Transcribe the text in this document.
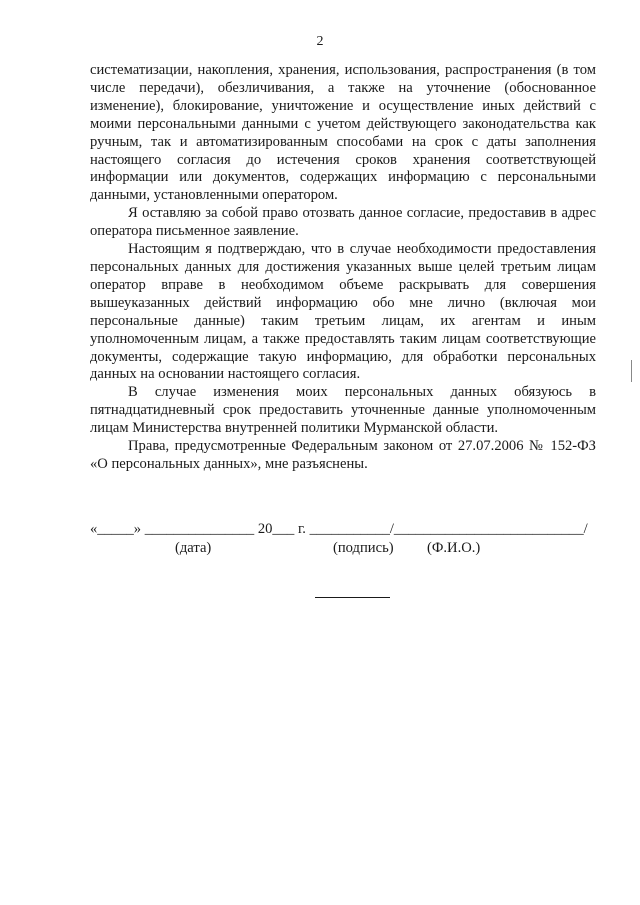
2

систематизации, накопления, хранения, использования, распространения (в том числе передачи), обезличивания, а также на уточнение (обоснованное изменение), блокирование, уничтожение и осуществление иных действий с моими персональными данными с учетом действующего законодательства как ручным, так и автоматизированным способами на срок с даты заполнения настоящего согласия до истечения сроков хранения соответствующей информации или документов, содержащих информацию с персональными данными, установленными оператором.

Я оставляю за собой право отозвать данное согласие, предоставив в адрес оператора письменное заявление.

Настоящим я подтверждаю, что в случае необходимости предоставления персональных данных для достижения указанных выше целей третьим лицам оператор вправе в необходимом объеме раскрывать для совершения вышеуказанных действий информацию обо мне лично (включая мои персональные данные) таким третьим лицам, их агентам и иным уполномоченным лицам, а также предоставлять таким лицам соответствующие документы, содержащие такую информацию, для обработки персональных данных на основании настоящего согласия.

В случае изменения моих персональных данных обязуюсь в пятнадцатидневный срок предоставить уточненные данные уполномоченным лицам Министерства внутренней политики Мурманской области.

Права, предусмотренные Федеральным законом от 27.07.2006 № 152-ФЗ «О персональных данных», мне разъяснены.

«_____» _______________ 20___ г. ___________/__________________________/
(дата)	(подпись) (Ф.И.О.)
